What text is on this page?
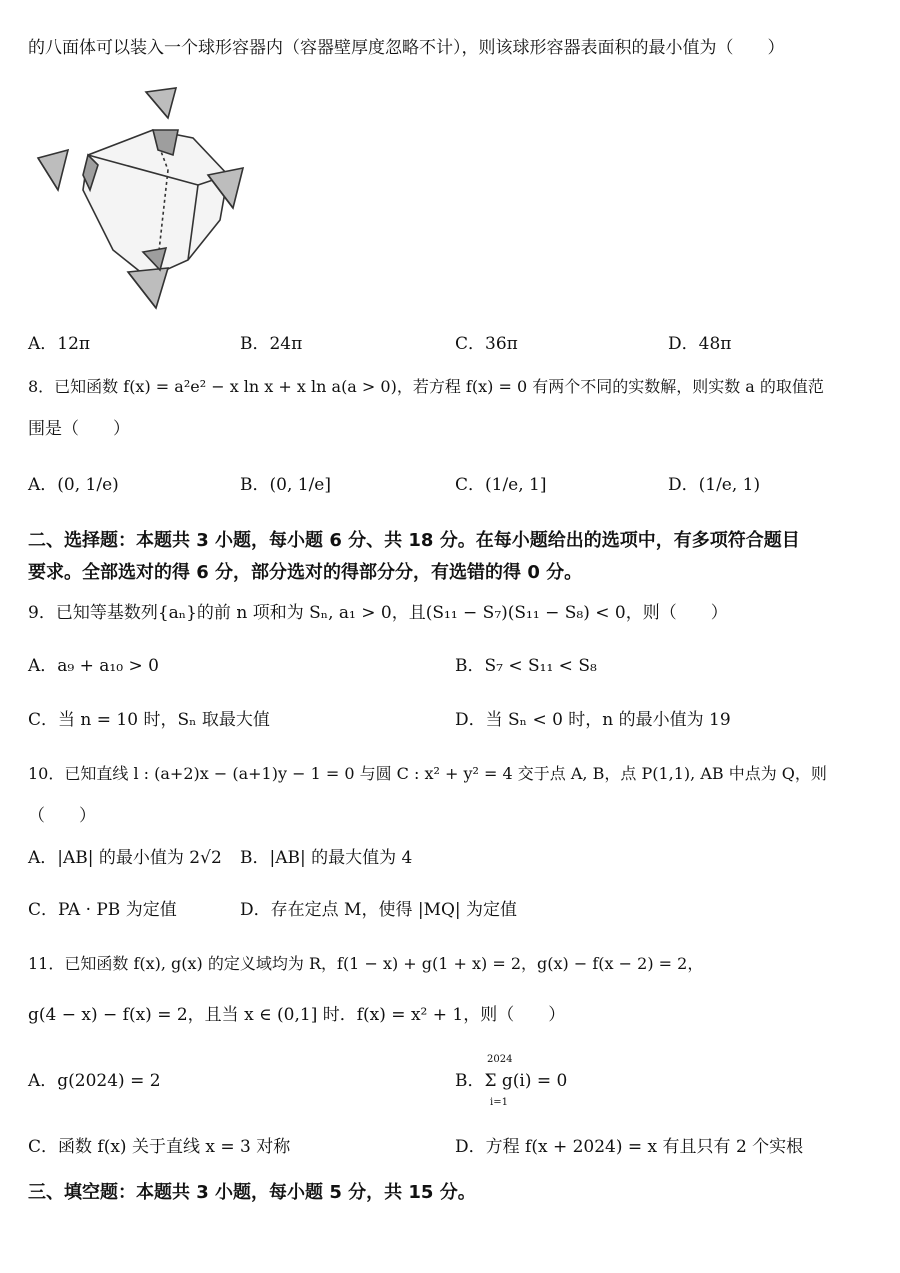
的八面体可以装入一个球形容器内（容器壁厚度忽略不计），则该球形容器表面积的最小值为（　　）
A．12π	B．24π	C．36π	D．48π
8．已知函数 f(x) = a²e² − x ln x + x ln a(a > 0)，若方程 f(x) = 0 有两个不同的实数解，则实数 a 的取值范
围是（　　）
A．(0, 1/e)	B．(0, 1/e]	C．(1/e, 1]	D．(1/e, 1)
二、选择题：本题共 3 小题，每小题 6 分、共 18 分。在每小题给出的选项中，有多项符合题目
要求。全部选对的得 6 分，部分选对的得部分分，有选错的得 0 分。
9．已知等基数列{aₙ}的前 n 项和为 Sₙ, a₁ > 0，且(S₁₁ − S₇)(S₁₁ − S₈) < 0，则（　　）
A．a₉ + a₁₀ > 0	B．S₇ < S₁₁ < S₈
C．当 n = 10 时，Sₙ 取最大值	D．当 Sₙ < 0 时，n 的最小值为 19
10．已知直线 l : (a+2)x − (a+1)y − 1 = 0 与圆 C : x² + y² = 4 交于点 A, B，点 P(1,1), AB 中点为 Q，则
（　　）
A．|AB| 的最小值为 2√2 B．|AB| 的最大值为 4
C．PA · PB 为定值	D．存在定点 M，使得 |MQ| 为定值
11．已知函数 f(x), g(x) 的定义域均为 R，f(1 − x) + g(1 + x) = 2，g(x) − f(x − 2) = 2，
g(4 − x) − f(x) = 2，且当 x ∈ (0,1] 时．f(x) = x² + 1，则（　　）
A．g(2024) = 2
2024
i=1
B．Σ g(i) = 0
C．函数 f(x) 关于直线 x = 3 对称	D．方程 f(x + 2024) = x 有且只有 2 个实根
三、填空题：本题共 3 小题，每小题 5 分，共 15 分。
